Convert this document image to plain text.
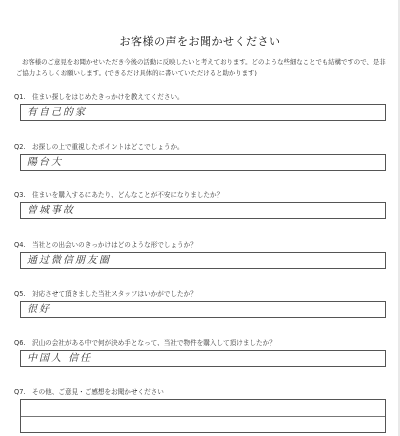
お客様の声をお聞かせください
お客様のご意見をお聞かせいただき今後の活動に反映したいと考えております。どのような些細なことでも結構ですので、是非ご協力よろしくお願いします。(できるだけ具体的に書いていただけると助かります)
Q1. 住まい探しをはじめたきっかけを教えてください。
有自己的家
Q2. お探しの上で重視したポイントはどこでしょうか。
陽台大
Q3. 住まいを購入するにあたり、どんなことが不安になりましたか？
曾城事故
Q4. 当社との出会いのきっかけはどのような形でしょうか？
通过微信朋友圈
Q5. 対応させて頂きました当社スタッフはいかがでしたか？
很好
Q6. 沢山の会社がある中で何が決め手となって、当社で物件を購入して頂けましたか？
中国人 信任
Q7. その他、ご意見・ご感想をお聞かせください
